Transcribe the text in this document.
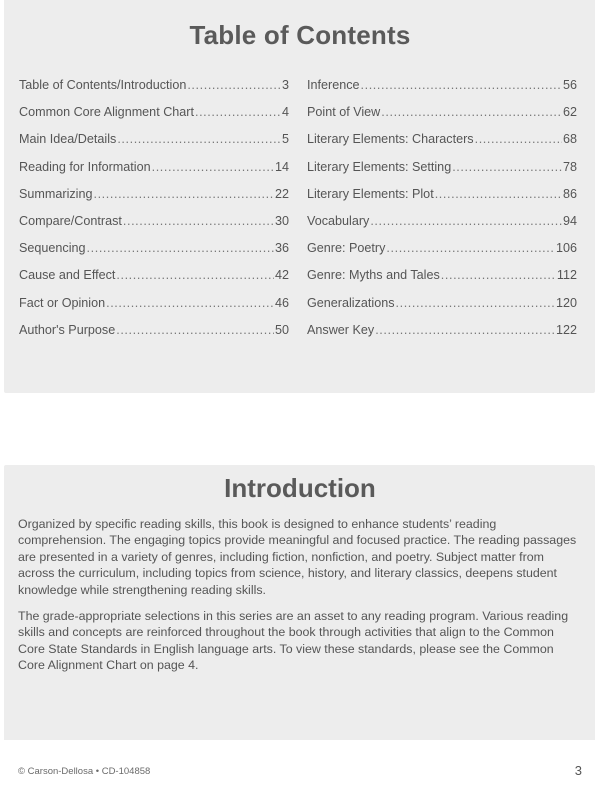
Table of Contents
Table of Contents/Introduction .....	3
Common Core Alignment Chart .....	4
Main Idea/Details .....	5
Reading for Information .....	14
Summarizing .....	22
Compare/Contrast .....	30
Sequencing .....	36
Cause and Effect .....	42
Fact or Opinion .....	46
Author's Purpose .....	50
Inference .....	56
Point of View .....	62
Literary Elements: Characters .....	68
Literary Elements: Setting .....	78
Literary Elements: Plot .....	86
Vocabulary .....	94
Genre: Poetry .....	106
Genre: Myths and Tales .....	112
Generalizations .....	120
Answer Key .....	122
Introduction

Organized by specific reading skills, this book is designed to enhance students’ reading comprehension. The engaging topics provide meaningful and focused practice. The reading passages are presented in a variety of genres, including fiction, nonfiction, and poetry. Subject matter from across the curriculum, including topics from science, history, and literary classics, deepens student knowledge while strengthening reading skills.

The grade-appropriate selections in this series are an asset to any reading program. Various reading skills and concepts are reinforced throughout the book through activities that align to the Common Core State Standards in English language arts. To view these standards, please see the Common Core Alignment Chart on page 4.

© Carson-Dellosa • CD-104858	3
